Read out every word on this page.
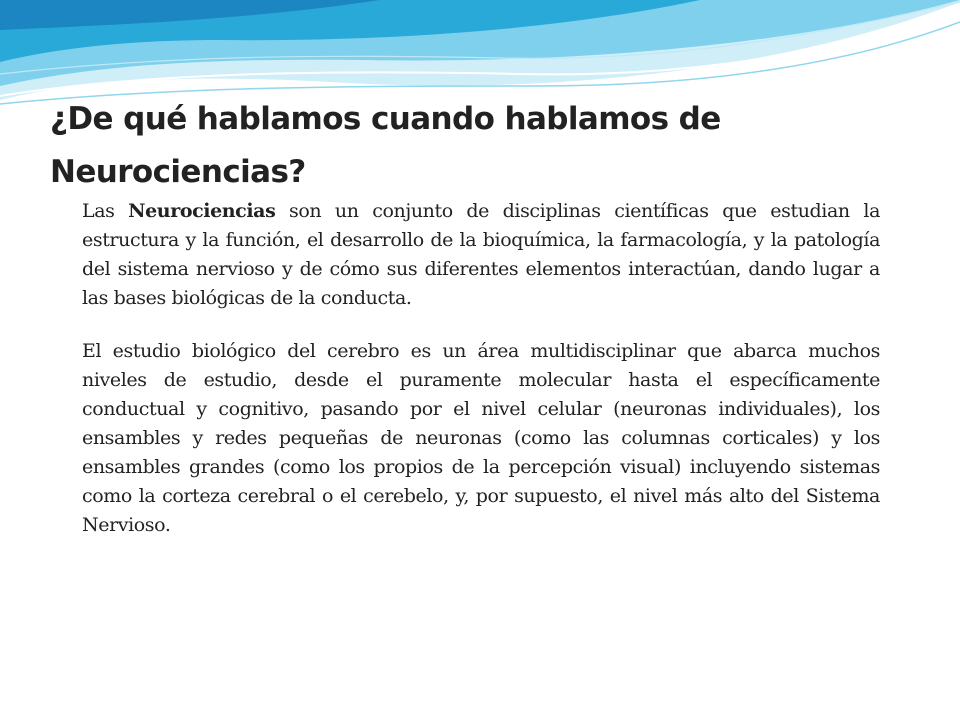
¿De qué hablamos cuando hablamos de Neurociencias?

Las Neurociencias son un conjunto de disciplinas científicas que estudian la estructura y la función, el desarrollo de la bioquímica, la farmacología, y la patología del sistema nervioso y de cómo sus diferentes elementos interactúan, dando lugar a las bases biológicas de la conducta.

El estudio biológico del cerebro es un área multidisciplinar que abarca muchos niveles de estudio, desde el puramente molecular hasta el específicamente conductual y cognitivo, pasando por el nivel celular (neuronas individuales), los ensambles y redes pequeñas de neuronas (como las columnas corticales) y los ensambles grandes (como los propios de la percepción visual) incluyendo sistemas como la corteza cerebral o el cerebelo, y, por supuesto, el nivel más alto del Sistema Nervioso.
